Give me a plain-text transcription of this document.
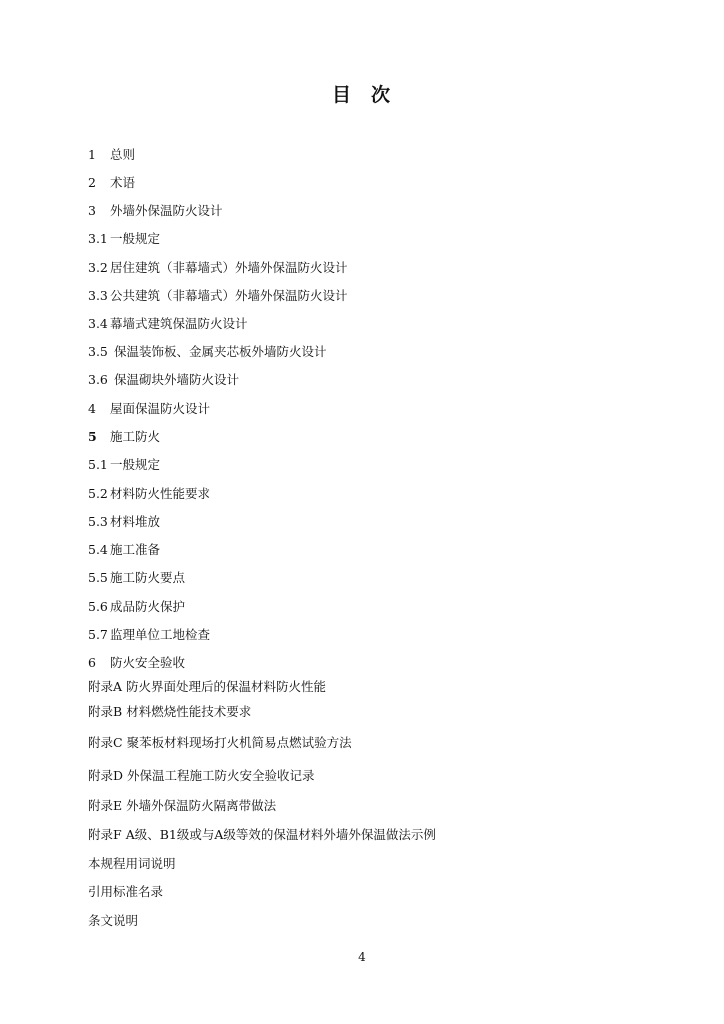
目 次
1 总则
2 术语
3 外墙外保温防火设计
3.1 一般规定
3.2 居住建筑（非幕墙式）外墙外保温防火设计
3.3 公共建筑（非幕墙式）外墙外保温防火设计
3.4 幕墙式建筑保温防火设计
3.5 保温装饰板、金属夹芯板外墙防火设计
3.6 保温砌块外墙防火设计
4 屋面保温防火设计
5 施工防火
5.1 一般规定
5.2 材料防火性能要求
5.3 材料堆放
5.4 施工准备
5.5 施工防火要点
5.6 成品防火保护
5.7 监理单位工地检查
6 防火安全验收
附录A 防火界面处理后的保温材料防火性能
附录B 材料燃烧性能技术要求
附录C 聚苯板材料现场打火机简易点燃试验方法
附录D 外保温工程施工防火安全验收记录
附录E 外墙外保温防火隔离带做法
附录F A级、B1级或与A级等效的保温材料外墙外保温做法示例
本规程用词说明
引用标准名录
条文说明
4
